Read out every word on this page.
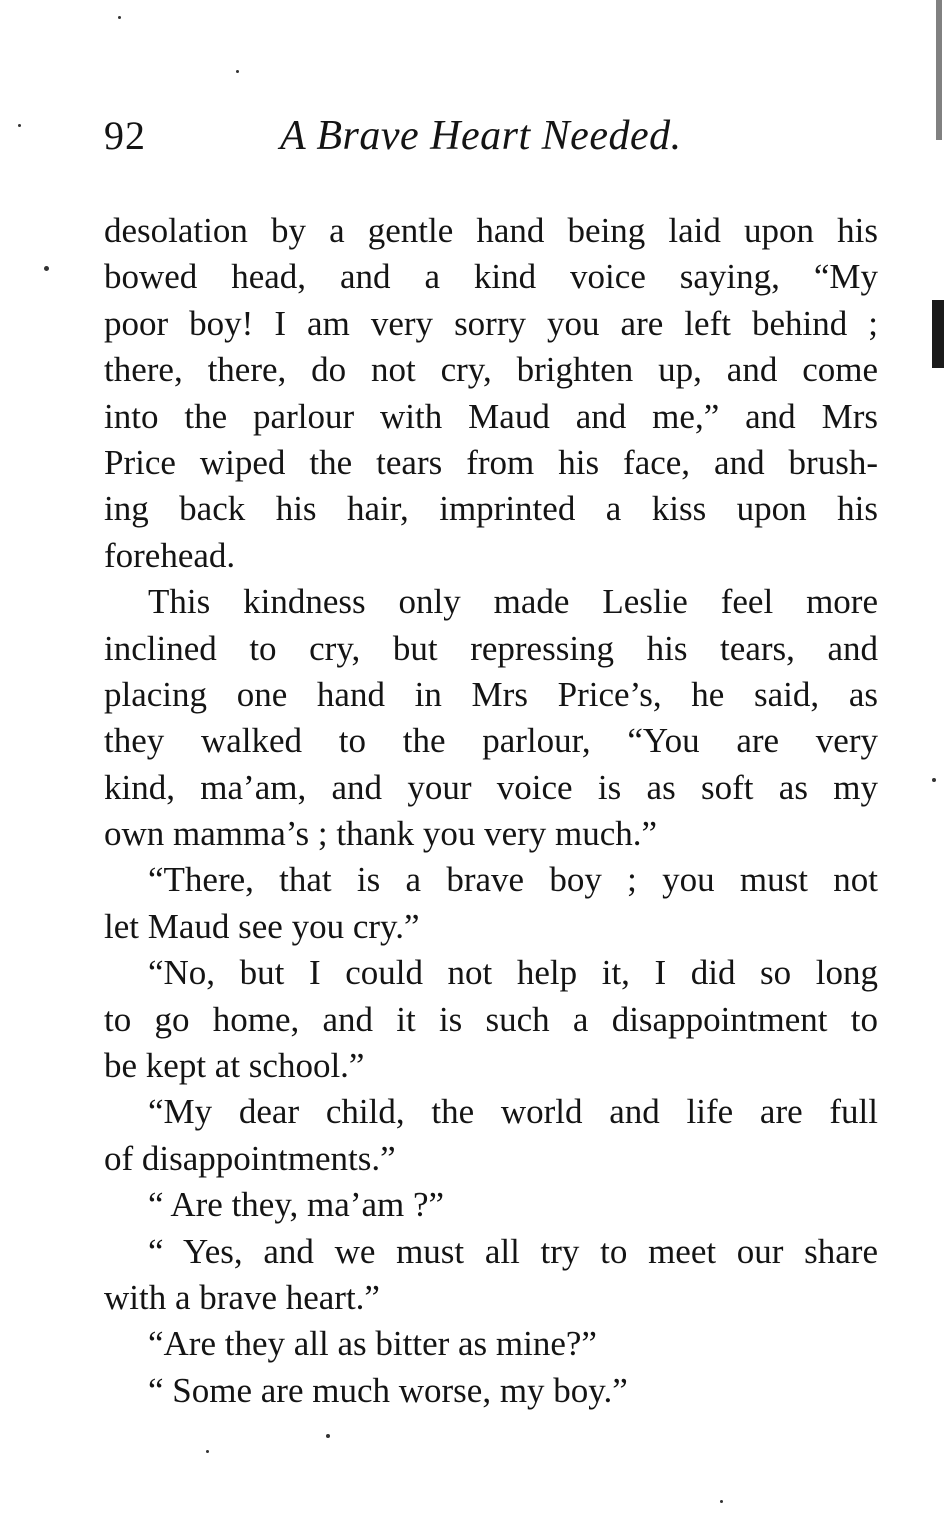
92	A Brave Heart Needed.
desolation by a gentle hand being laid upon his
bowed head, and a kind voice saying, “My
poor boy! I am very sorry you are left behind ;
there, there, do not cry, brighten up, and come
into the parlour with Maud and me,” and Mrs
Price wiped the tears from his face, and brush-
ing back his hair, imprinted a kiss upon his
forehead.
This kindness only made Leslie feel more
inclined to cry, but repressing his tears, and
placing one hand in Mrs Price’s, he said, as
they walked to the parlour, “You are very
kind, ma’am, and your voice is as soft as my
own mamma’s ; thank you very much.”
“There, that is a brave boy ; you must not
let Maud see you cry.”
“No, but I could not help it, I did so long
to go home, and it is such a disappointment to
be kept at school.”
“My dear child, the world and life are full
of disappointments.”
“ Are they, ma’am ?”
“ Yes, and we must all try to meet our share
with a brave heart.”
“Are they all as bitter as mine?”
“ Some are much worse, my boy.”
